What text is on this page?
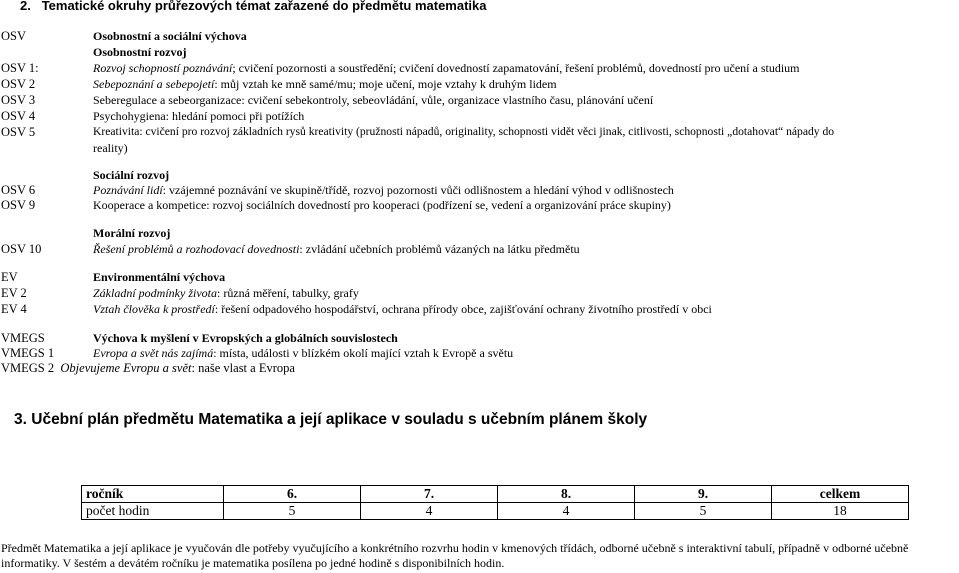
2. Tematické okruhy průřezových témat zařazené do předmětu matematika
OSV	Osobnostní a sociální výchova
Osobnostní rozvoj
OSV 1:	Rozvoj schopností poznávání; cvičení pozornosti a soustředění; cvičení dovedností zapamatování, řešení problémů, dovedností pro učení a studium
OSV 2	Sebepoznání a sebepojetí: můj vztah ke mně samé/mu; moje učení, moje vztahy k druhým lidem
OSV 3	Seberegulace a sebeorganizace: cvičení sebekontroly, sebeovládání, vůle, organizace vlastního času, plánování učení
OSV 4	Psychohygiena: hledání pomoci při potížích
OSV 5	Kreativita: cvičení pro rozvoj základních rysů kreativity (pružnosti nápadů, originality, schopnosti vidět věci jinak, citlivosti, schopnosti „dotahovat“ nápady do
reality)
Sociální rozvoj
OSV 6	Poznávání lidí: vzájemné poznávání ve skupině/třídě, rozvoj pozornosti vůči odlišnostem a hledání výhod v odlišnostech
OSV 9	Kooperace a kompetice: rozvoj sociálních dovedností pro kooperaci (podřízení se, vedení a organizování práce skupiny)
Morální rozvoj
OSV 10	Řešení problémů a rozhodovací dovednosti: zvládání učebních problémů vázaných na látku předmětu
EV	Environmentální výchova
EV 2	Základní podmínky života: různá měření, tabulky, grafy
EV 4	Vztah člověka k prostředí: řešení odpadového hospodářství, ochrana přírody obce, zajišťování ochrany životního prostředí v obci
VMEGS	Výchova k myšlení v Evropských a globálních souvislostech
VMEGS 1	Evropa a svět nás zajímá: místa, události v blízkém okolí mající vztah k Evropě a světu
VMEGS 2 Objevujeme Evropu a svět: naše vlast a Evropa
3. Učební plán předmětu Matematika a její aplikace v souladu s učebním plánem školy
ročník	6.	7.	8.	9.	celkem
počet hodin	5	4	4	5	18
Předmět Matematika a její aplikace je vyučován dle potřeby vyučujícího a konkrétního rozvrhu hodin v kmenových třídách, odborné učebně s interaktivní tabulí, případně v odborné učebně informatiky. V šestém a devátém ročníku je matematika posílena po jedné hodině s disponibilních hodin.
